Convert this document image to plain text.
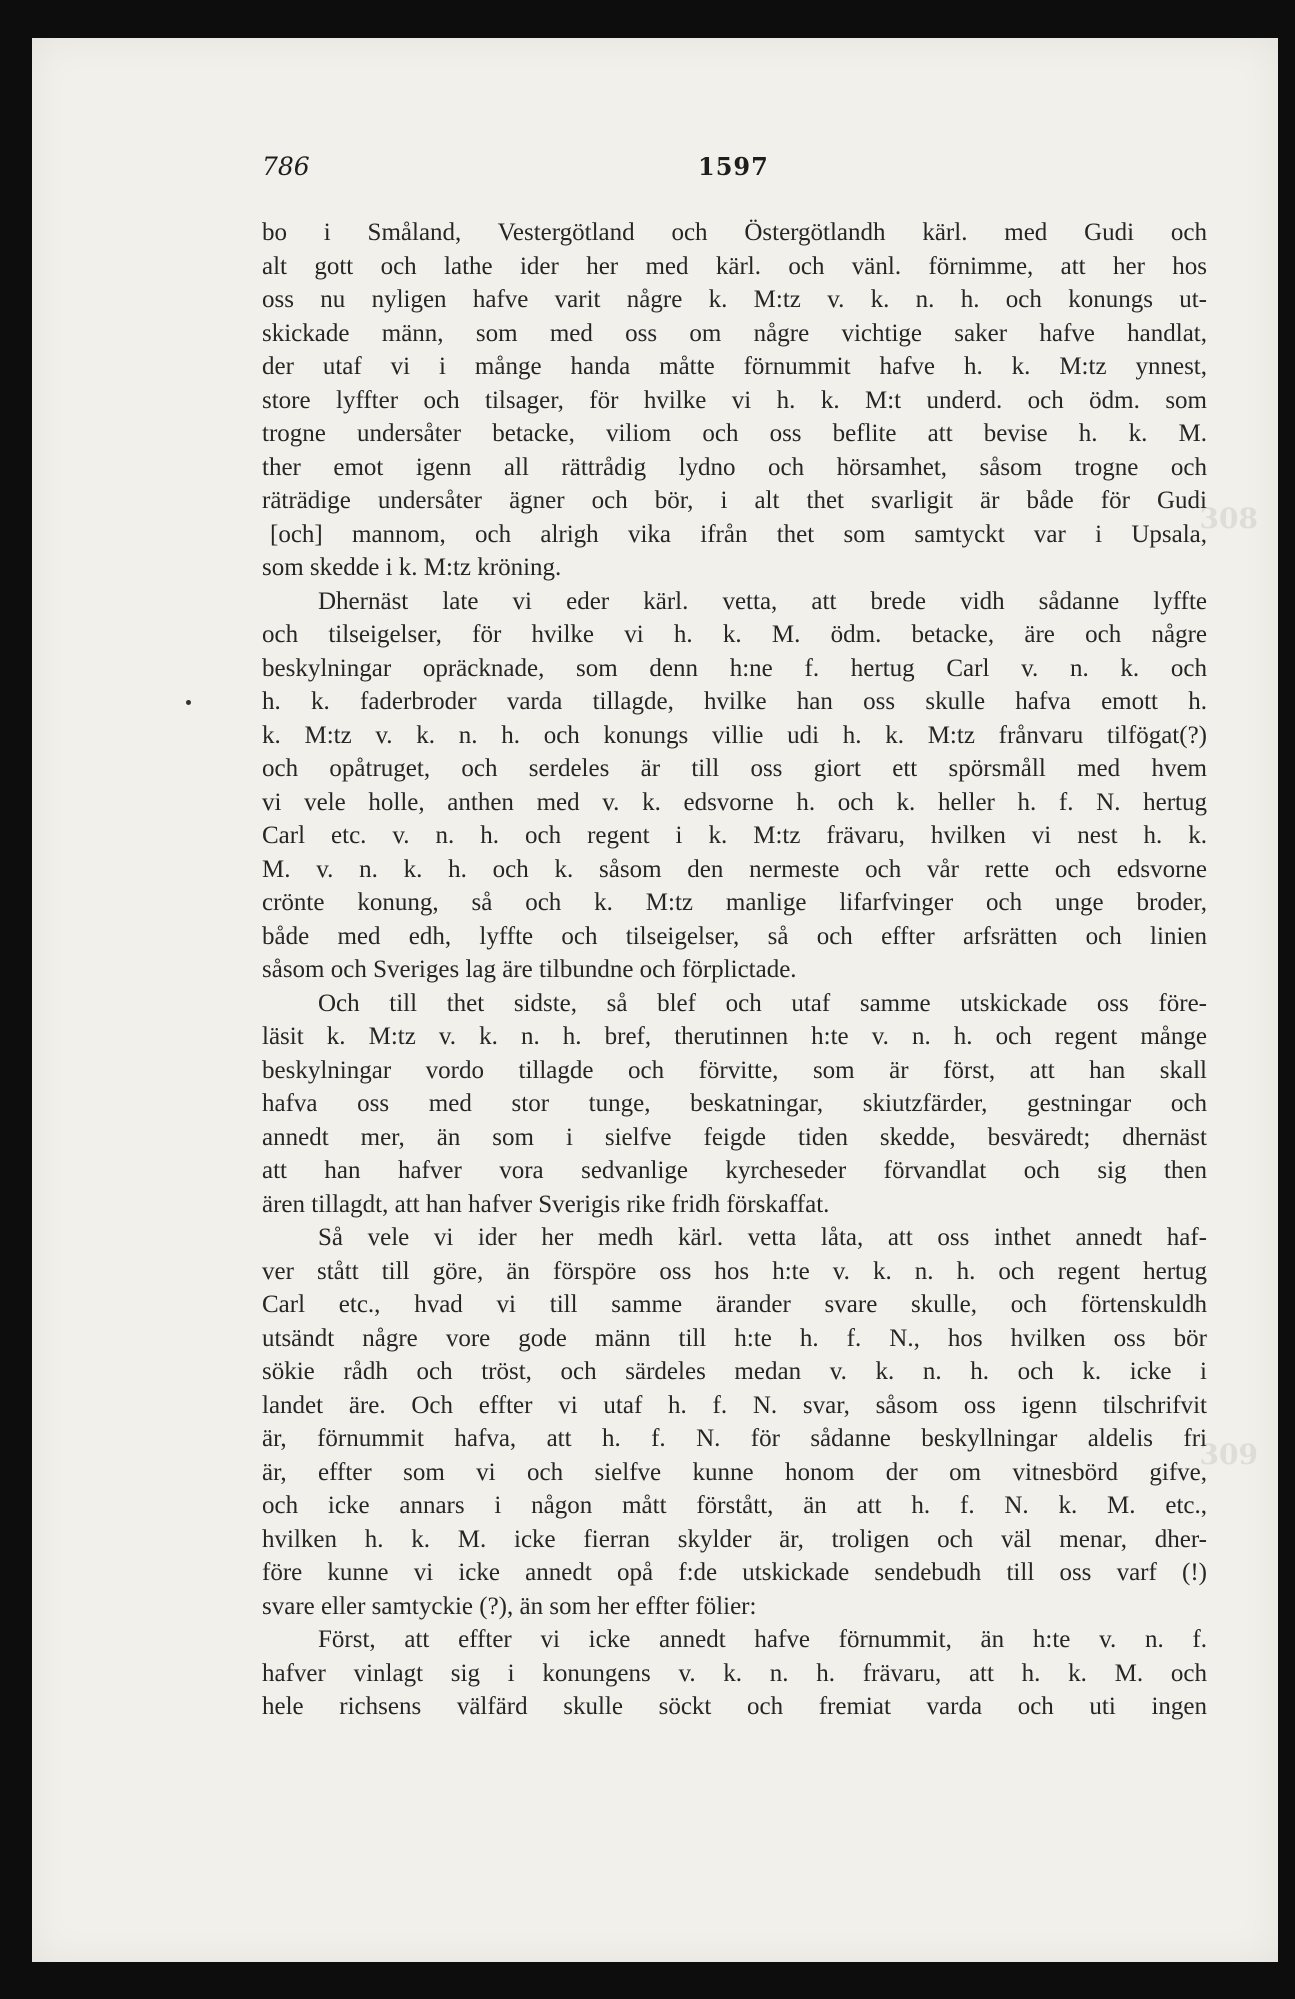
308
309
786	1597
bo i Småland, Vestergötland och Östergötlandh kärl. med Gudi och
alt gott och lathe ider her med kärl. och vänl. förnimme, att her hos
oss nu nyligen hafve varit någre k. M:tz v. k. n. h. och konungs ut-
skickade männ, som med oss om någre vichtige saker hafve handlat,
der utaf vi i månge handa måtte förnummit hafve h. k. M:tz ynnest,
store lyffter och tilsager, för hvilke vi h. k. M:t underd. och ödm. som
trogne undersåter betacke, viliom och oss beflite att bevise h. k. M.
ther emot igenn all rättrådig lydno och hörsamhet, såsom trogne och
räträdige undersåter ägner och bör, i alt thet svarligit är både för Gudi
[och] mannom, och alrigh vika ifrån thet som samtyckt var i Upsala,
som skedde i k. M:tz kröning.
Dhernäst late vi eder kärl. vetta, att brede vidh sådanne lyffte
och tilseigelser, för hvilke vi h. k. M. ödm. betacke, äre och någre
beskylningar opräcknade, som denn h:ne f. hertug Carl v. n. k. och
h. k. faderbroder varda tillagde, hvilke han oss skulle hafva emott h.
k. M:tz v. k. n. h. och konungs villie udi h. k. M:tz frånvaru tilfögat(?)
och opåtruget, och serdeles är till oss giort ett spörsmåll med hvem
vi vele holle, anthen med v. k. edsvorne h. och k. heller h. f. N. hertug
Carl etc. v. n. h. och regent i k. M:tz frävaru, hvilken vi nest h. k.
M. v. n. k. h. och k. såsom den nermeste och vår rette och edsvorne
crönte konung, så och k. M:tz manlige lifarfvinger och unge broder,
både med edh, lyffte och tilseigelser, så och effter arfsrätten och linien
såsom och Sveriges lag äre tilbundne och förplictade.
Och till thet sidste, så blef och utaf samme utskickade oss före-
läsit k. M:tz v. k. n. h. bref, therutinnen h:te v. n. h. och regent månge
beskylningar vordo tillagde och förvitte, som är först, att han skall
hafva oss med stor tunge, beskatningar, skiutzfärder, gestningar och
annedt mer, än som i sielfve feigde tiden skedde, besväredt; dhernäst
att han hafver vora sedvanlige kyrcheseder förvandlat och sig then
ären tillagdt, att han hafver Sverigis rike fridh förskaffat.
Så vele vi ider her medh kärl. vetta låta, att oss inthet annedt haf-
ver stått till göre, än förspöre oss hos h:te v. k. n. h. och regent hertug
Carl etc., hvad vi till samme ärander svare skulle, och förtenskuldh
utsändt någre vore gode männ till h:te h. f. N., hos hvilken oss bör
sökie rådh och tröst, och särdeles medan v. k. n. h. och k. icke i
landet äre. Och effter vi utaf h. f. N. svar, såsom oss igenn tilschrifvit
är, förnummit hafva, att h. f. N. för sådanne beskyllningar aldelis fri
är, effter som vi och sielfve kunne honom der om vitnesbörd gifve,
och icke annars i någon mått förstått, än att h. f. N. k. M. etc.,
hvilken h. k. M. icke fierran skylder är, troligen och väl menar, dher-
före kunne vi icke annedt opå f:de utskickade sendebudh till oss varf (!)
svare eller samtyckie (?), än som her effter fölier:
Först, att effter vi icke annedt hafve förnummit, än h:te v. n. f.
hafver vinlagt sig i konungens v. k. n. h. frävaru, att h. k. M. och
hele richsens välfärd skulle söckt och fremiat varda och uti ingen
